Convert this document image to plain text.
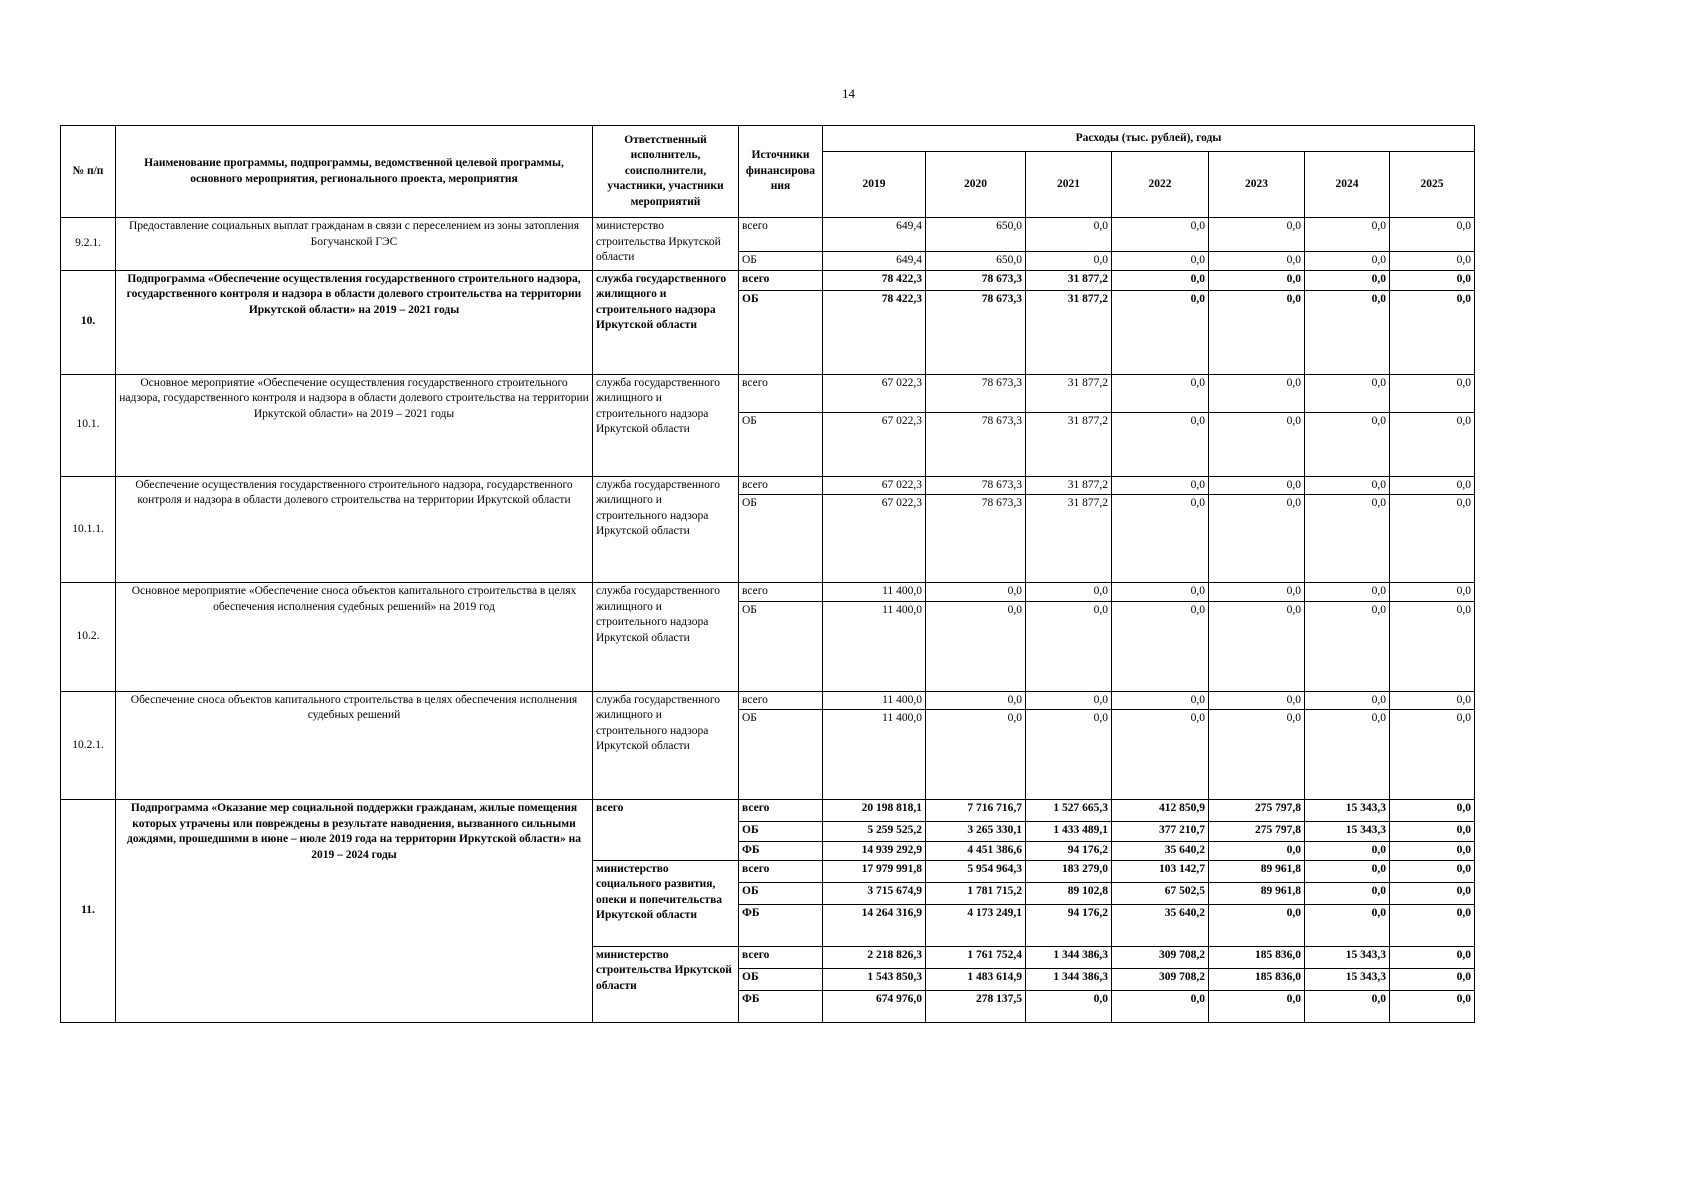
14
№ п/п	Наименование программы, подпрограммы, ведомственной целевой программы, основного мероприятия, регионального проекта, мероприятия	Ответственный исполнитель, соисполнители, участники, участники мероприятий	Источники финансирова ния	Расходы (тыс. рублей), годы						
				2019	2020	2021	2022	2023	2024	2025
9.2.1.	Предоставление социальных выплат гражданам в связи с переселением из зоны затопления Богучанской ГЭС	министерство строительства Иркутской области	всего	649,4	650,0	0,0	0,0	0,0	0,0	0,0
			ОБ	649,4	650,0	0,0	0,0	0,0	0,0	0,0
10.	Подпрограмма «Обеспечение осуществления государственного строительного надзора, государственного контроля и надзора в области долевого строительства на территории Иркутской области» на 2019 – 2021 годы	служба государственного жилищного и строительного надзора Иркутской области	всего	78 422,3	78 673,3	31 877,2	0,0	0,0	0,0	0,0
			ОБ	78 422,3	78 673,3	31 877,2	0,0	0,0	0,0	0,0
10.1.	Основное мероприятие «Обеспечение осуществления государственного строительного надзора, государственного контроля и надзора в области долевого строительства на территории Иркутской области» на 2019 – 2021 годы	служба государственного жилищного и строительного надзора Иркутской области	всего	67 022,3	78 673,3	31 877,2	0,0	0,0	0,0	0,0
			ОБ	67 022,3	78 673,3	31 877,2	0,0	0,0	0,0	0,0
10.1.1.	Обеспечение осуществления государственного строительного надзора, государственного контроля и надзора в области долевого строительства на территории Иркутской области	служба государственного жилищного и строительного надзора Иркутской области	всего	67 022,3	78 673,3	31 877,2	0,0	0,0	0,0	0,0
			ОБ	67 022,3	78 673,3	31 877,2	0,0	0,0	0,0	0,0
10.2.	Основное мероприятие «Обеспечение сноса объектов капитального строительства в целях обеспечения исполнения судебных решений» на 2019 год	служба государственного жилищного и строительного надзора Иркутской области	всего	11 400,0	0,0	0,0	0,0	0,0	0,0	0,0
			ОБ	11 400,0	0,0	0,0	0,0	0,0	0,0	0,0
10.2.1.	Обеспечение сноса объектов капитального строительства в целях обеспечения исполнения судебных решений	служба государственного жилищного и строительного надзора Иркутской области	всего	11 400,0	0,0	0,0	0,0	0,0	0,0	0,0
			ОБ	11 400,0	0,0	0,0	0,0	0,0	0,0	0,0
11.	Подпрограмма «Оказание мер социальной поддержки гражданам, жилые помещения которых утрачены или повреждены в результате наводнения, вызванного сильными дождями, прошедшими в июне – июле 2019 года на территории Иркутской области» на 2019 – 2024 годы	всего	всего	20 198 818,1	7 716 716,7	1 527 665,3	412 850,9	275 797,8	15 343,3	0,0
			ОБ	5 259 525,2	3 265 330,1	1 433 489,1	377 210,7	275 797,8	15 343,3	0,0
			ФБ	14 939 292,9	4 451 386,6	94 176,2	35 640,2	0,0	0,0	0,0
		министерство социального развития, опеки и попечительства Иркутской области	всего	17 979 991,8	5 954 964,3	183 279,0	103 142,7	89 961,8	0,0	0,0
			ОБ	3 715 674,9	1 781 715,2	89 102,8	67 502,5	89 961,8	0,0	0,0
			ФБ	14 264 316,9	4 173 249,1	94 176,2	35 640,2	0,0	0,0	0,0
		министерство строительства Иркутской области	всего	2 218 826,3	1 761 752,4	1 344 386,3	309 708,2	185 836,0	15 343,3	0,0
			ОБ	1 543 850,3	1 483 614,9	1 344 386,3	309 708,2	185 836,0	15 343,3	0,0
			ФБ	674 976,0	278 137,5	0,0	0,0	0,0	0,0	0,0
